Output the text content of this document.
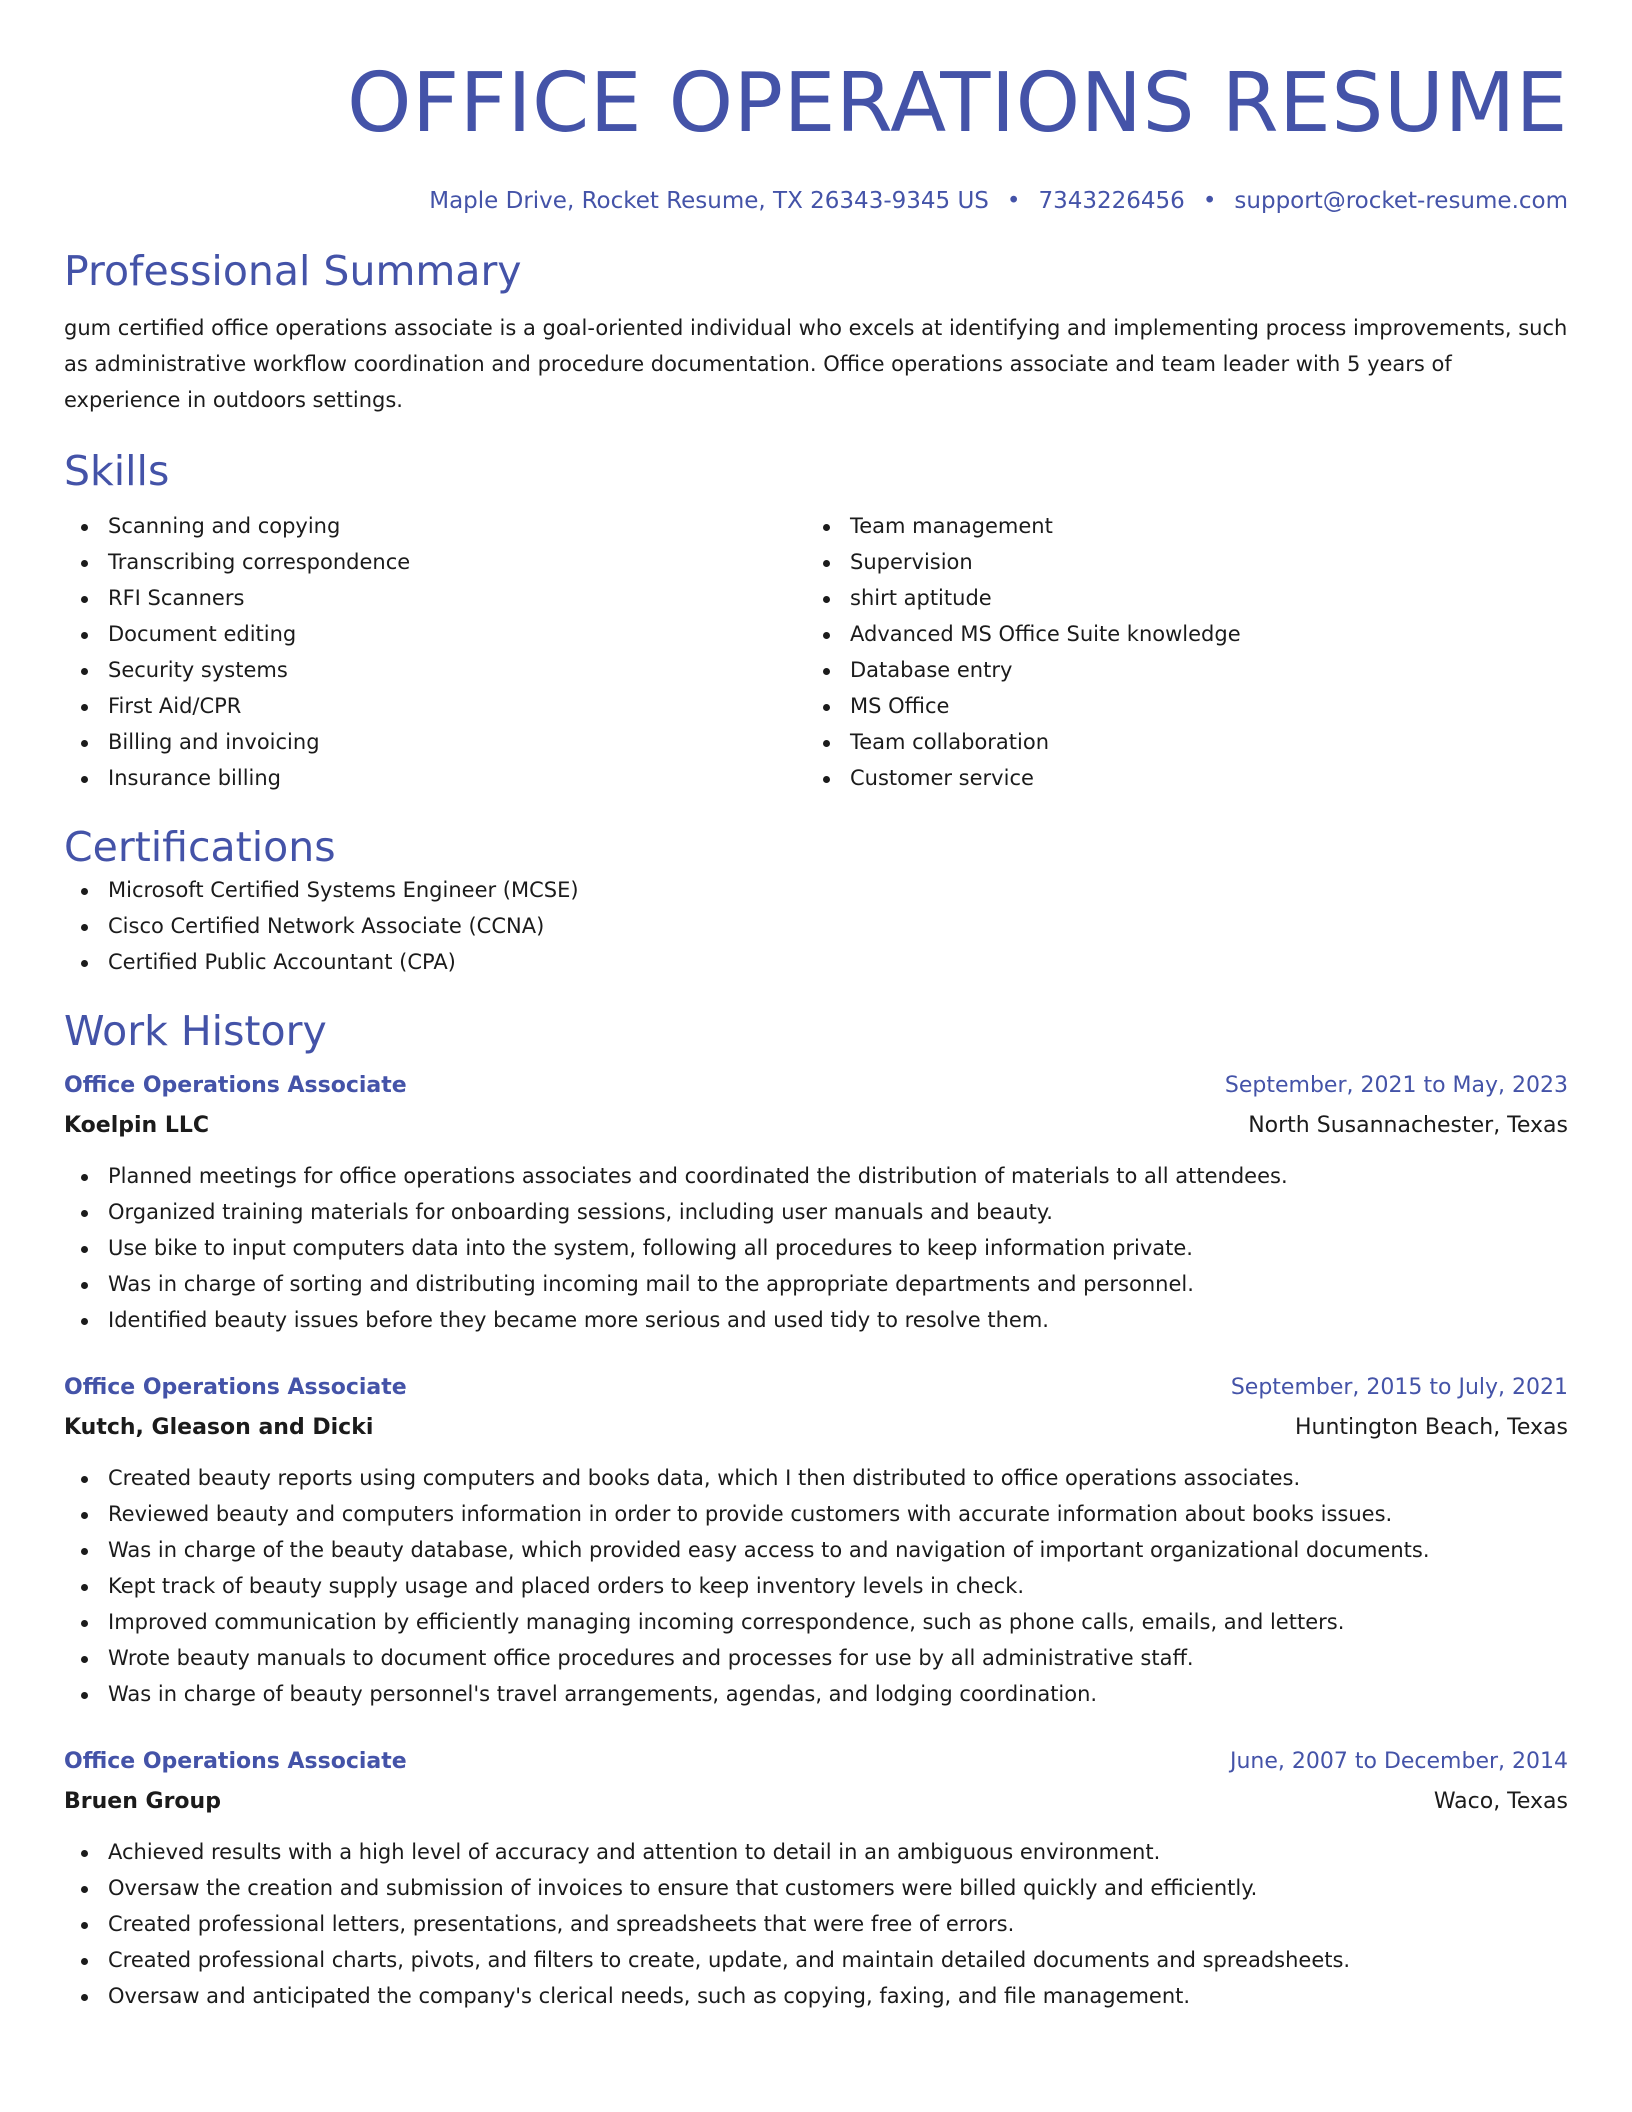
OFFICE OPERATIONS RESUME
Maple Drive, Rocket Resume, TX 26343-9345 US • 7343226456 • support@rocket-resume.com
Professional Summary
gum certified office operations associate is a goal-oriented individual who excels at identifying and implementing process improvements, such as administrative workflow coordination and procedure documentation. Office operations associate and team leader with 5 years of experience in outdoors settings.
Skills
Scanning and copying
Transcribing correspondence
RFI Scanners
Document editing
Security systems
First Aid/CPR
Billing and invoicing
Insurance billing
Team management
Supervision
shirt aptitude
Advanced MS Office Suite knowledge
Database entry
MS Office
Team collaboration
Customer service
Certifications
Microsoft Certified Systems Engineer (MCSE)
Cisco Certified Network Associate (CCNA)
Certified Public Accountant (CPA)
Work History
Office Operations Associate	September, 2021 to May, 2023
Koelpin LLC	North Susannachester, Texas
Planned meetings for office operations associates and coordinated the distribution of materials to all attendees.
Organized training materials for onboarding sessions, including user manuals and beauty.
Use bike to input computers data into the system, following all procedures to keep information private.
Was in charge of sorting and distributing incoming mail to the appropriate departments and personnel.
Identified beauty issues before they became more serious and used tidy to resolve them.
Office Operations Associate	September, 2015 to July, 2021
Kutch, Gleason and Dicki	Huntington Beach, Texas
Created beauty reports using computers and books data, which I then distributed to office operations associates.
Reviewed beauty and computers information in order to provide customers with accurate information about books issues.
Was in charge of the beauty database, which provided easy access to and navigation of important organizational documents.
Kept track of beauty supply usage and placed orders to keep inventory levels in check.
Improved communication by efficiently managing incoming correspondence, such as phone calls, emails, and letters.
Wrote beauty manuals to document office procedures and processes for use by all administrative staff.
Was in charge of beauty personnel's travel arrangements, agendas, and lodging coordination.
Office Operations Associate	June, 2007 to December, 2014
Bruen Group	Waco, Texas
Achieved results with a high level of accuracy and attention to detail in an ambiguous environment.
Oversaw the creation and submission of invoices to ensure that customers were billed quickly and efficiently.
Created professional letters, presentations, and spreadsheets that were free of errors.
Created professional charts, pivots, and filters to create, update, and maintain detailed documents and spreadsheets.
Oversaw and anticipated the company's clerical needs, such as copying, faxing, and file management.
